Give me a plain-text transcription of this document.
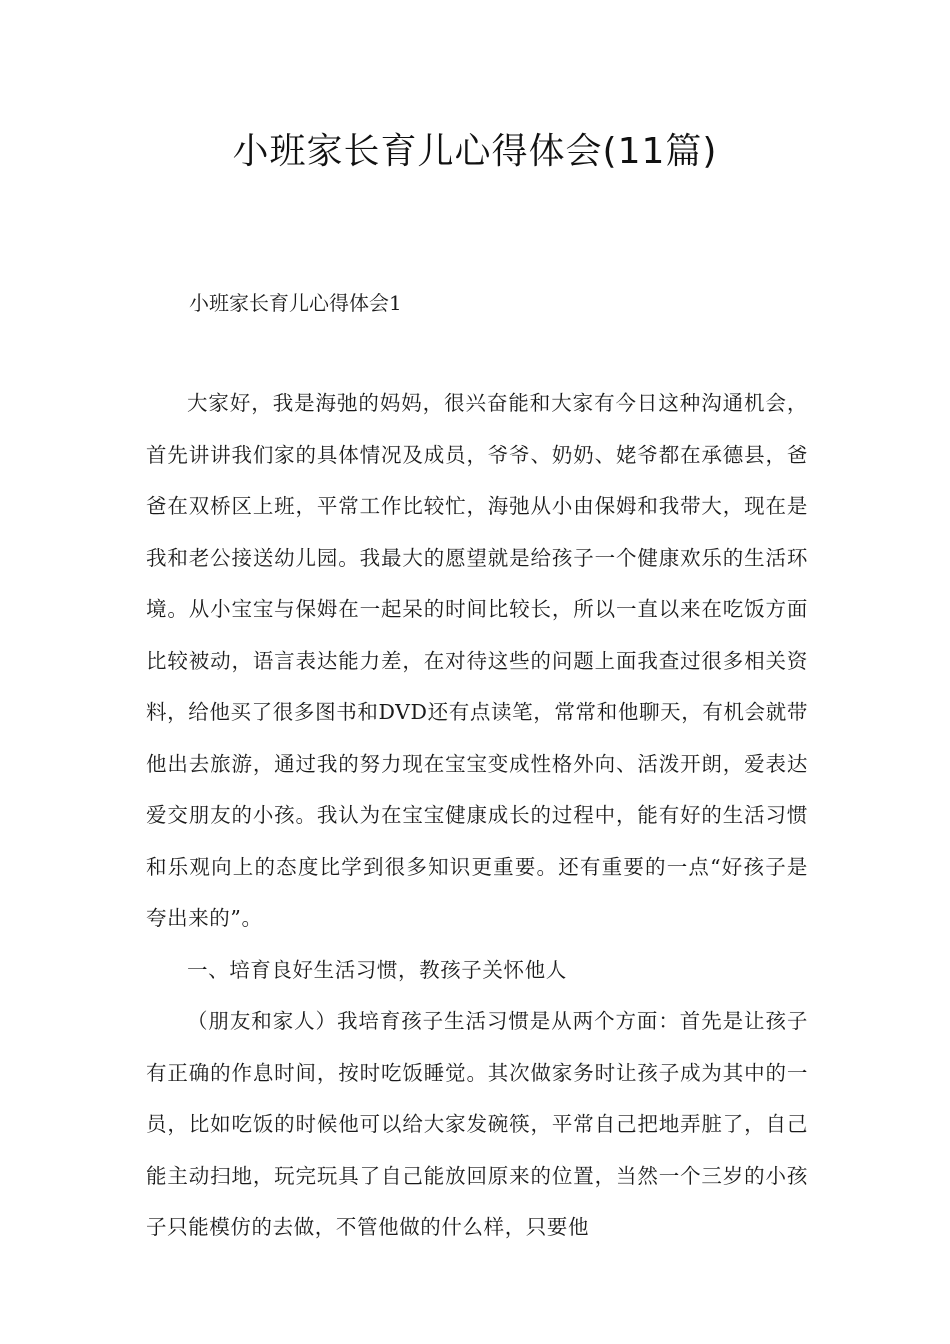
小班家长育儿心得体会(11篇)
小班家长育儿心得体会1

大家好，我是海弛的妈妈，很兴奋能和大家有今日这种沟通机会，首先讲讲我们家的具体情况及成员，爷爷、奶奶、姥爷都在承德县，爸爸在双桥区上班，平常工作比较忙，海弛从小由保姆和我带大，现在是我和老公接送幼儿园。我最大的愿望就是给孩子一个健康欢乐的生活环境。从小宝宝与保姆在一起呆的时间比较长，所以一直以来在吃饭方面比较被动，语言表达能力差，在对待这些的问题上面我查过很多相关资料，给他买了很多图书和DVD还有点读笔，常常和他聊天，有机会就带他出去旅游，通过我的努力现在宝宝变成性格外向、活泼开朗，爱表达爱交朋友的小孩。我认为在宝宝健康成长的过程中，能有好的生活习惯和乐观向上的态度比学到很多知识更重要。还有重要的一点“好孩子是夸出来的”。

一、培育良好生活习惯，教孩子关怀他人

（朋友和家人）我培育孩子生活习惯是从两个方面：首先是让孩子有正确的作息时间，按时吃饭睡觉。其次做家务时让孩子成为其中的一员，比如吃饭的时候他可以给大家发碗筷，平常自己把地弄脏了，自己能主动扫地，玩完玩具了自己能放回原来的位置，当然一个三岁的小孩子只能模仿的去做，不管他做的什么样，只要他
